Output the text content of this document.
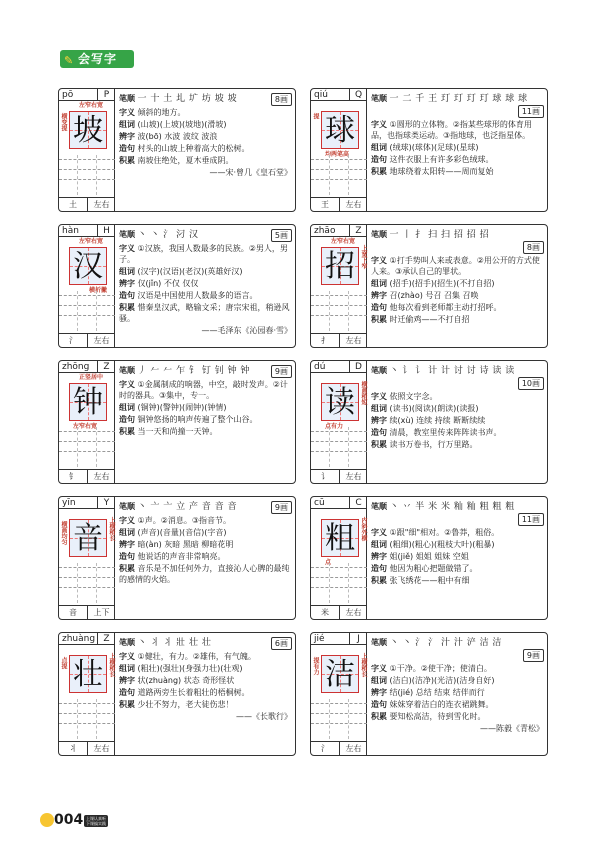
✎ 会写字
pō	P
左窄右宽
横变提 坡
土	左右
笔顺 一 十 土 圠 圹 坊 坡 坡	8画
字义 倾斜的地方。
组词 (山坡)(上坡)(坡地)(滑坡)
辨字 波(bō) 水波 波纹 波浪
造句 村头的山坡上种着高大的松树。
积累 南坡住绝处，夏木垂成阴。
——宋·曾几《皇石堂》
qiú	Q
提
均两笔高
球
王	左右
笔顺 一 二 千 王 玎 玎 玎 玎 球 球 球
11画
字义 ①圆形的立体物。②指某些球形的体育用品，也指球类运动。③指地球，也泛指星体。
组词 (绒球)(球体)(足球)(星球)
造句 这件衣服上有许多彩色绒球。
积累 地球绕着太阳转——周而复始
hàn	H
左窄右宽
横折撇
汉
氵	左右
笔顺 丶 丶 氵 汈 汉	5画
字义 ①汉族，我国人数最多的民族。②男人，男子。
组词 (汉字)(汉语)(老汉)(英雄好汉)
辨字 仅(jǐn) 不仅 仅仅
造句 汉语是中国使用人数最多的语言。
积累 惜秦皇汉武，略输文采；唐宗宋祖，稍逊风骚。
——毛泽东《沁园春·雪》
zhāo	Z
左窄右宽
上宽下窄
招
扌	左右
笔顺 一 丨 扌 扫 扫 招 招 招
8画
字义 ①打手势叫人来或表意。②用公开的方式使人来。③承认自己的罪状。
组词 (招手)(招手)(招生)(不打自招)
辨字 召(zhào) 号召 召集 召唤
造句 他每次看到老师都主动打招呼。
积累 时迁偷鸡——不打自招
zhōng	Z
正竖居中
左窄右宽
钟
钅	左右
笔顺 丿 𠂉 𠂉 乍 钅 钉 钊 钟 钟	9画
字义 ①金属制成的响器，中空，敲时发声。②计时的器具。③集中，专一。
组词 (铜钟)(警钟)(闹钟)(钟情)
造句 铜钟悠扬的响声传遍了整个山谷。
积累 当一天和尚撞一天钟。
dú	D
横画稍短
点有力
读
讠	左右
笔顺 丶 讠 讠 计 计 讨 讨 诗 读 读
10画
字义 依照文字念。
组词 (读书)(阅读)(朗读)(读报)
辨字 续(xù) 连续 持续 断断续续
造句 清晨，教室里传来阵阵读书声。
积累 读书万卷书，行万里路。
yīn	Y
上横稍长
横画均匀 音
音	上下
笔顺 丶 亠 亠 立 产 音 音 音	9画
字义 ①声。②消息。③指音节。
组词 (声音)(音量)(音信)(字音)
辨字 暗(àn) 灰暗 黑暗 柳暗花明
造句 他说话的声音非常响亮。
积累 音乐是不加任何外力，直接沁人心脾的最纯的感情的火焰。
cū	C
内斜外横
点
粗
米	左右
笔顺 丶 丷 半 米 米 籼 籼 粗 粗 粗
11画
字义 ①跟"细"相对。②鲁莽，粗俗。
组词 (粗细)(粗心)(粗枝大叶)(粗暴)
辨字 姐(jiě) 姐姐 姐妹 空姐
造句 他因为粗心把题做错了。
积累 张飞绣花——粗中有细
zhuàng Z
点提	上横稍长
壮
丬	左右
笔顺 丶 丬 丬 壯 壮 壮	6画
字义 ①健壮，有力。②雄伟，有气魄。
组词 (粗壮)(强壮)(身强力壮)(壮观)
辨字 状(zhuàng) 状态 奇形怪状
造句 道路两旁生长着粗壮的梧桐树。
积累 少壮不努力，老大徒伤悲！
——《长歌行》
jié	J
提有力	上横稍长
洁
氵	左右
笔顺 丶 丶 氵 氵 汁 汁 浐 洁 洁
9画
字义 ①干净。②使干净；使清白。
组词 (洁白)(洁净)(光洁)(洁身自好)
辨字 结(jié) 总结 结束 结伴而行
造句 妹妹穿着洁白的连衣裙跳舞。
积累 要知松高洁，待到雪化时。
——陈毅《青松》
004 上课认真听
下课搞实践
